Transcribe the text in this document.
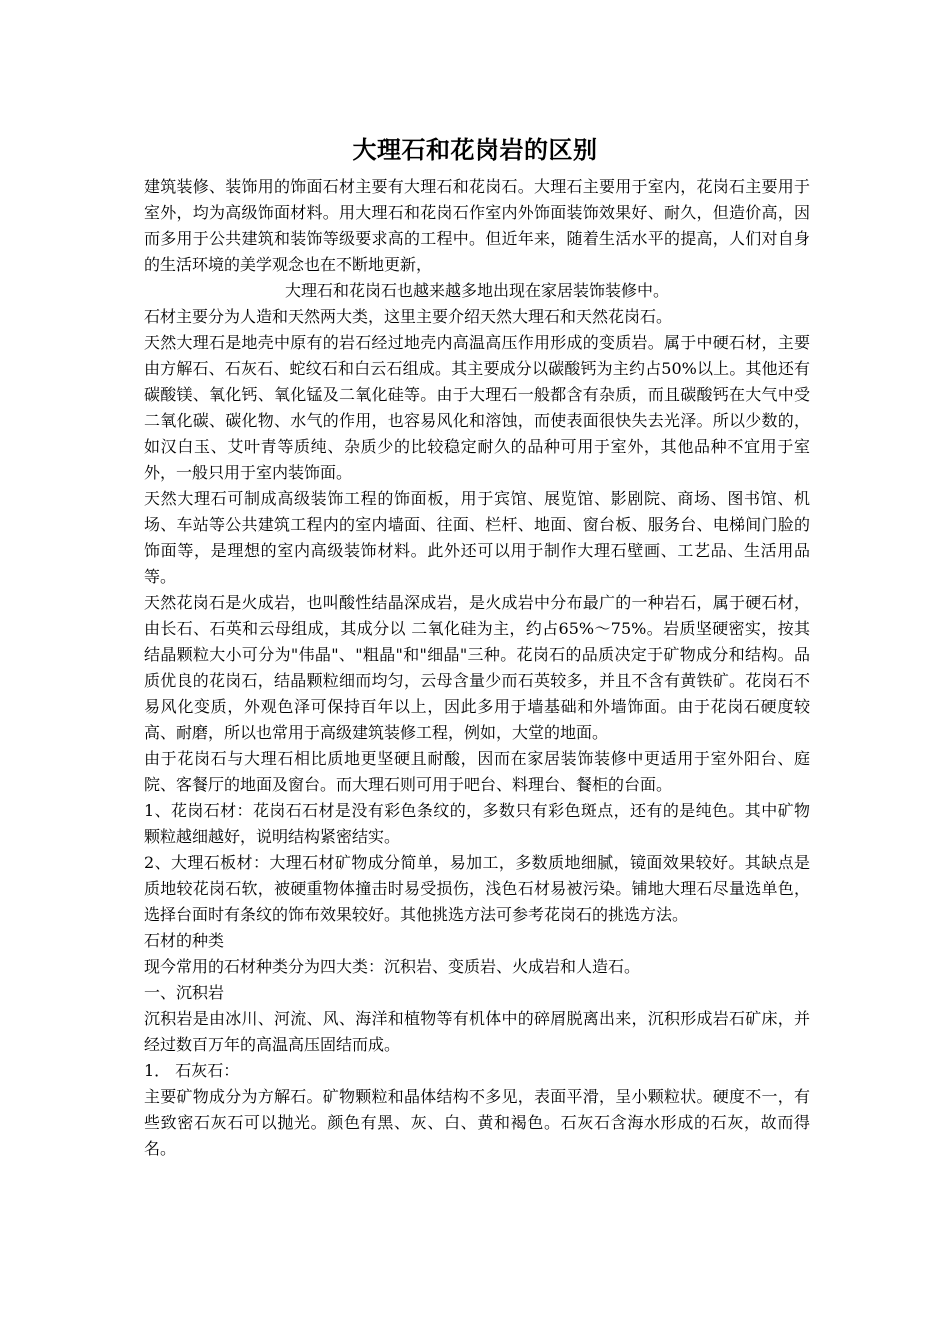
大理石和花岗岩的区别

建筑装修、装饰用的饰面石材主要有大理石和花岗石。大理石主要用于室内，花岗石主要用于室外，均为高级饰面材料。用大理石和花岗石作室内外饰面装饰效果好、耐久，但造价高，因而多用于公共建筑和装饰等级要求高的工程中。但近年来，随着生活水平的提高，人们对自身的生活环境的美学观念也在不断地更新，

大理石和花岗石也越来越多地出现在家居装饰装修中。

石材主要分为人造和天然两大类，这里主要介绍天然大理石和天然花岗石。

天然大理石是地壳中原有的岩石经过地壳内高温高压作用形成的变质岩。属于中硬石材，主要由方解石、石灰石、蛇纹石和白云石组成。其主要成分以碳酸钙为主约占50%以上。其他还有碳酸镁、氧化钙、氧化锰及二氧化硅等。由于大理石一般都含有杂质，而且碳酸钙在大气中受二氧化碳、碳化物、水气的作用，也容易风化和溶蚀，而使表面很快失去光泽。所以少数的，如汉白玉、艾叶青等质纯、杂质少的比较稳定耐久的品种可用于室外，其他品种不宜用于室外，一般只用于室内装饰面。

天然大理石可制成高级装饰工程的饰面板，用于宾馆、展览馆、影剧院、商场、图书馆、机场、车站等公共建筑工程内的室内墙面、往面、栏杆、地面、窗台板、服务台、电梯间门脸的饰面等，是理想的室内高级装饰材料。此外还可以用于制作大理石壁画、工艺品、生活用品等。

天然花岗石是火成岩，也叫酸性结晶深成岩，是火成岩中分布最广的一种岩石，属于硬石材，由长石、石英和云母组成，其成分以 二氧化硅为主，约占65%～75%。岩质坚硬密实，按其结晶颗粒大小可分为"伟晶"、"粗晶"和"细晶"三种。花岗石的品质决定于矿物成分和结构。品质优良的花岗石，结晶颗粒细而均匀，云母含量少而石英较多，并且不含有黄铁矿。花岗石不易风化变质，外观色泽可保持百年以上，因此多用于墙基础和外墙饰面。由于花岗石硬度较高、耐磨，所以也常用于高级建筑装修工程，例如，大堂的地面。

由于花岗石与大理石相比质地更坚硬且耐酸，因而在家居装饰装修中更适用于室外阳台、庭院、客餐厅的地面及窗台。而大理石则可用于吧台、料理台、餐柜的台面。

1、花岗石材：花岗石石材是没有彩色条纹的，多数只有彩色斑点，还有的是纯色。其中矿物颗粒越细越好，说明结构紧密结实。

2、大理石板材：大理石材矿物成分简单，易加工，多数质地细腻，镜面效果较好。其缺点是质地较花岗石软，被硬重物体撞击时易受损伤，浅色石材易被污染。铺地大理石尽量选单色，选择台面时有条纹的饰布效果较好。其他挑选方法可参考花岗石的挑选方法。

石材的种类

现今常用的石材种类分为四大类：沉积岩、变质岩、火成岩和人造石。

一、沉积岩

沉积岩是由冰川、河流、风、海洋和植物等有机体中的碎屑脱离出来，沉积形成岩石矿床，并经过数百万年的高温高压固结而成。

1． 石灰石：

主要矿物成分为方解石。矿物颗粒和晶体结构不多见，表面平滑，呈小颗粒状。硬度不一，有些致密石灰石可以抛光。颜色有黑、灰、白、黄和褐色。石灰石含海水形成的石灰，故而得名。
